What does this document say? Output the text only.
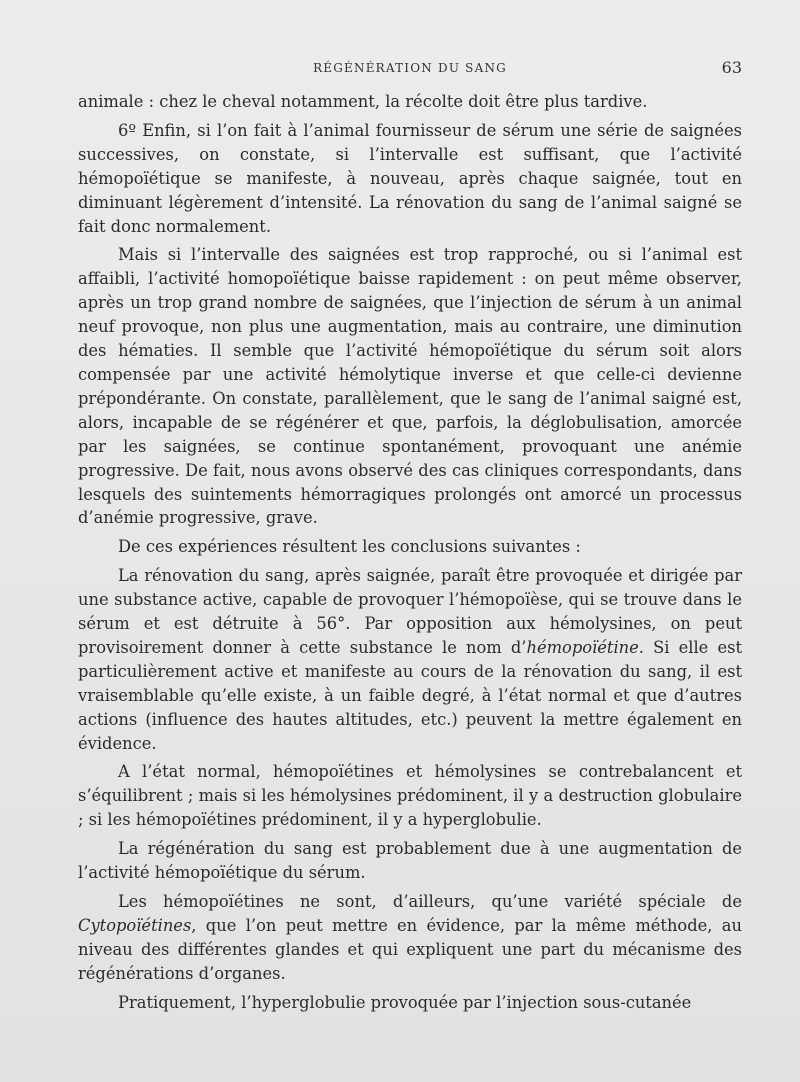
RÉGÉNÉRATION DU SANG	63

animale : chez le cheval notamment, la récolte doit être plus tardive.

6º Enfin, si l’on fait à l’animal fournisseur de sérum une série de saignées successives, on constate, si l’intervalle est suffisant, que l’activité hémopoïétique se manifeste, à nouveau, après chaque saignée, tout en diminuant légèrement d’intensité. La rénovation du sang de l’animal saigné se fait donc normalement.

Mais si l’intervalle des saignées est trop rapproché, ou si l’animal est affaibli, l’activité homopoïétique baisse rapidement : on peut même observer, après un trop grand nombre de saignées, que l’injection de sérum à un animal neuf provoque, non plus une augmentation, mais au contraire, une diminution des hématies. Il semble que l’activité hémopoïétique du sérum soit alors compensée par une activité hémolytique inverse et que celle-ci devienne prépondérante. On constate, parallèlement, que le sang de l’animal saigné est, alors, incapable de se régénérer et que, parfois, la déglobulisation, amorcée par les saignées, se continue spontanément, provoquant une anémie progressive. De fait, nous avons observé des cas cliniques correspondants, dans lesquels des suintements hémorragiques prolongés ont amorcé un processus d’anémie progressive, grave.

De ces expériences résultent les conclusions suivantes :

La rénovation du sang, après saignée, paraît être provoquée et dirigée par une substance active, capable de provoquer l’hémopoïèse, qui se trouve dans le sérum et est détruite à 56°. Par opposition aux hémolysines, on peut provisoirement donner à cette substance le nom d’hémopoïétine. Si elle est particulièrement active et manifeste au cours de la rénovation du sang, il est vraisemblable qu’elle existe, à un faible degré, à l’état normal et que d’autres actions (influence des hautes altitudes, etc.) peuvent la mettre également en évidence.

A l’état normal, hémopoïétines et hémolysines se contrebalancent et s’équilibrent ; mais si les hémolysines prédominent, il y a destruction globulaire ; si les hémopoïétines prédominent, il y a hyperglobulie.

La régénération du sang est probablement due à une augmentation de l’activité hémopoïétique du sérum.

Les hémopoïétines ne sont, d’ailleurs, qu’une variété spéciale de Cytopoïétines, que l’on peut mettre en évidence, par la même méthode, au niveau des différentes glandes et qui expliquent une part du mécanisme des régénérations d’organes.

Pratiquement, l’hyperglobulie provoquée par l’injection sous-cutanée
